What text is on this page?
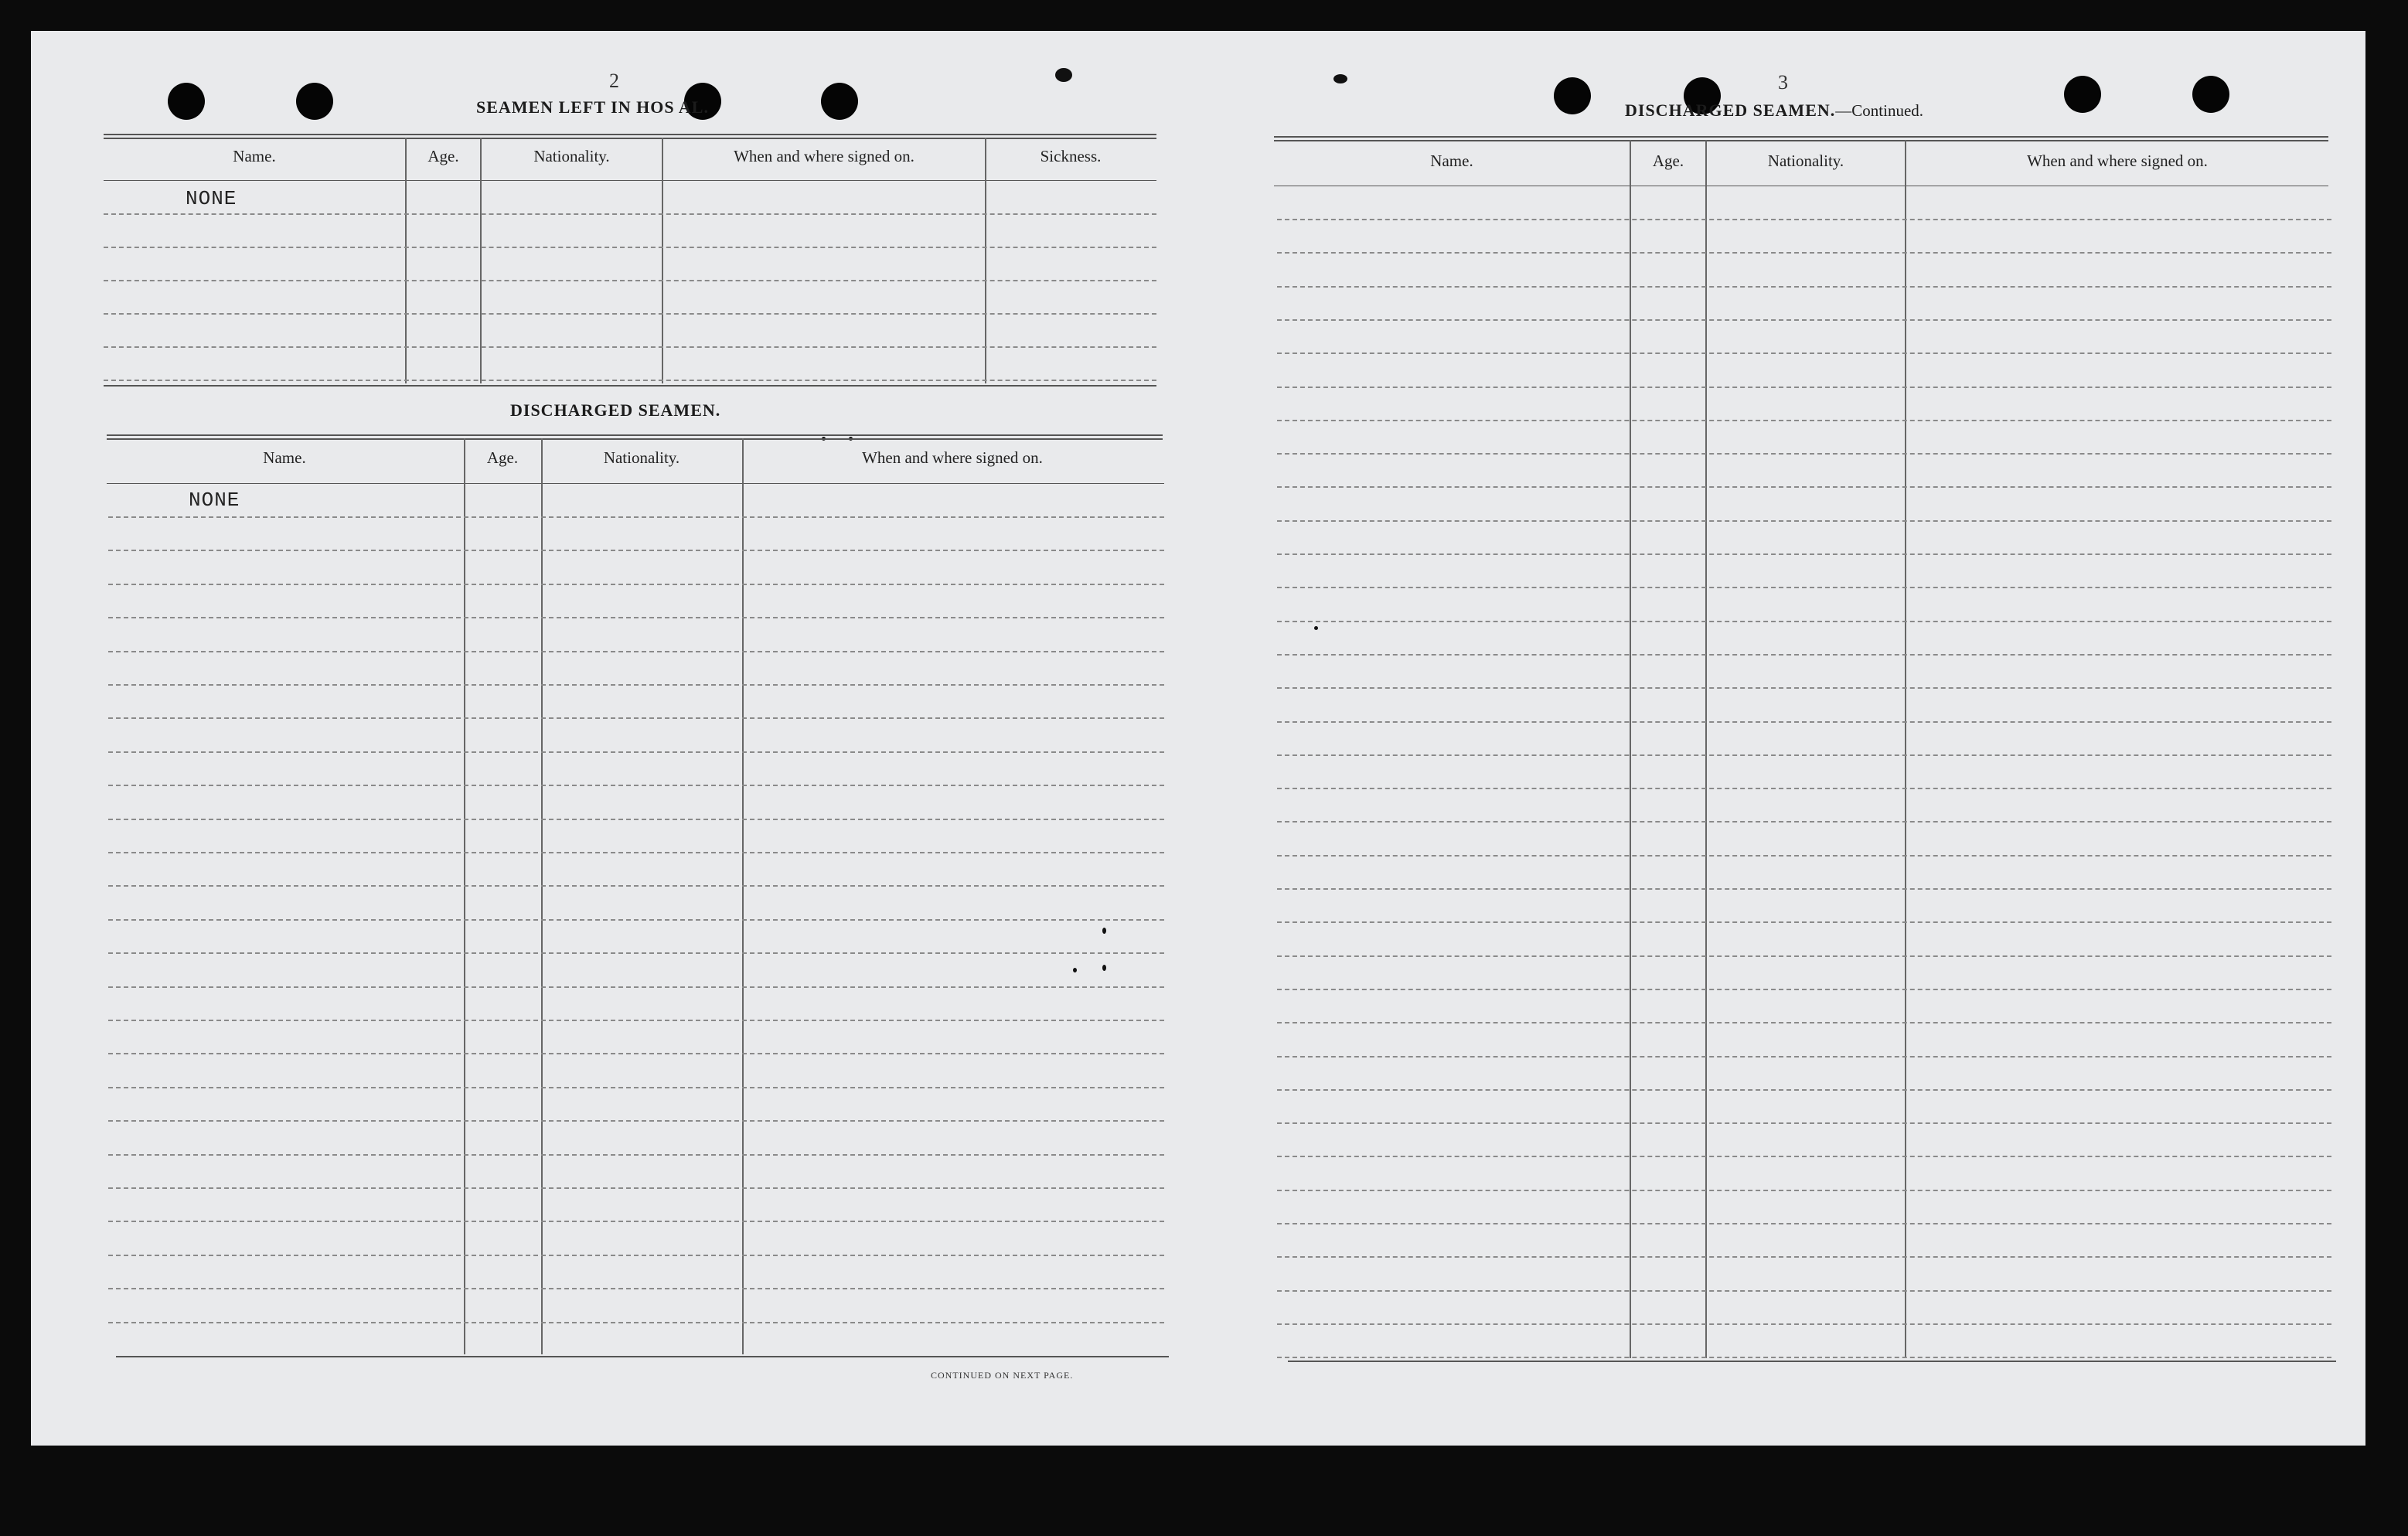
2
SEAMEN LEFT IN HOS AL.
Name.	Age.	Nationality.	When and where signed on.	Sickness.
NONE
DISCHARGED SEAMEN.
Name.	Age.	Nationality.	When and where signed on.
NONE
CONTINUED ON NEXT PAGE.
3
DISCHARGED SEAMEN.—Continued.
Name.	Age.	Nationality.	When and where signed on.
